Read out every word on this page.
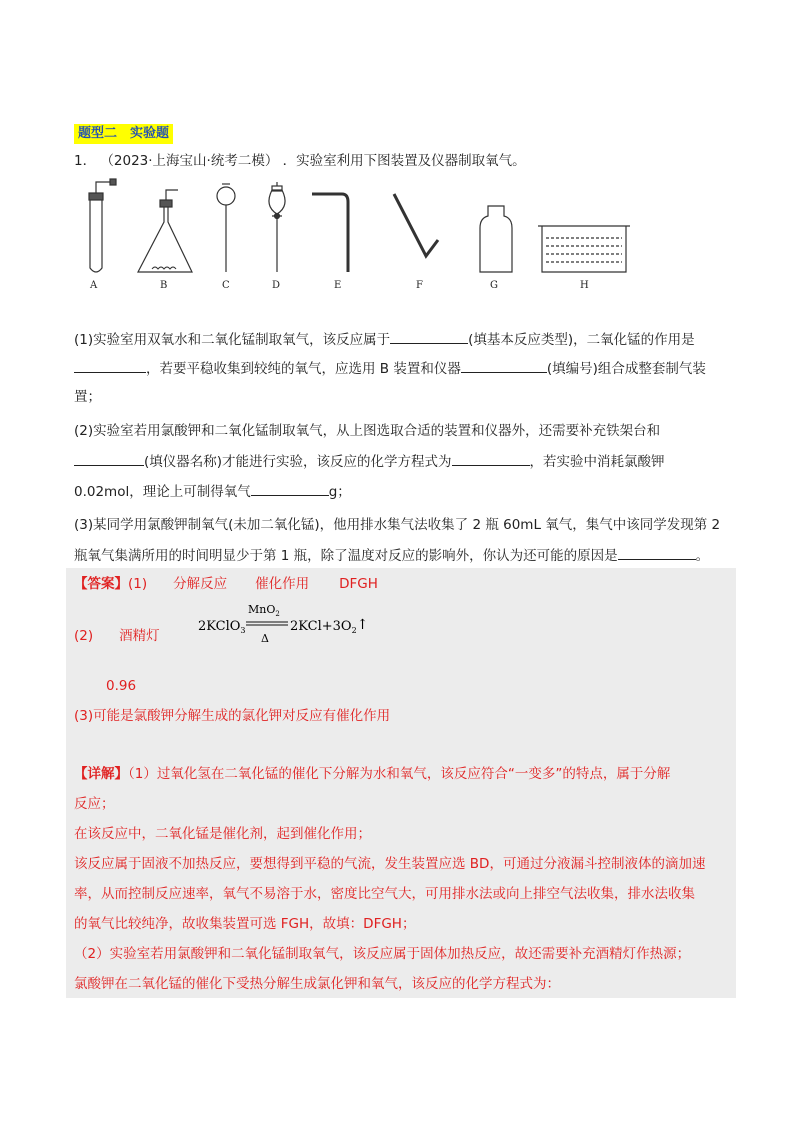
题型二　实验题
1． （2023·上海宝山·统考二模） ．实验室利用下图装置及仪器制取氧气。
A	B	C	D	E	F	G	H
(1)实验室用双氧水和二氧化锰制取氧气，该反应属于	(填基本反应类型)，二氧化锰的作用是
，若要平稳收集到较纯的氧气，应选用 B 装置和仪器	(填编号)组合成整套制气装
置；
(2)实验室若用氯酸钾和二氧化锰制取氧气，从上图选取合适的装置和仪器外，还需要补充铁架台和
(填仪器名称)才能进行实验，该反应的化学方程式为	，若实验中消耗氯酸钾
0.02mol，理论上可制得氧气	g；
(3)某同学用氯酸钾制氧气(未加二氧化锰)，他用排水集气法收集了 2 瓶 60mL 氧气，集气中该同学发现第 2
瓶氧气集满所用的时间明显少于第 1 瓶，除了温度对反应的影响外，你认为还可能的原因是	。
【答案】(1) 分解反应 催化作用 DFGH
(2) 酒精灯
2KClO$_3$
MnO$_2$
Δ
$2KCl+3O_2↑$
0.96
(3)可能是氯酸钾分解生成的氯化钾对反应有催化作用
【详解】（1）过氧化氢在二氧化锰的催化下分解为水和氧气，该反应符合“一变多”的特点，属于分解
反应；
在该反应中，二氧化锰是催化剂，起到催化作用；
该反应属于固液不加热反应，要想得到平稳的气流，发生装置应选 BD，可通过分液漏斗控制液体的滴加速
率，从而控制反应速率，氧气不易溶于水，密度比空气大，可用排水法或向上排空气法收集，排水法收集
的氧气比较纯净，故收集装置可选 FGH，故填：DFGH；
（2）实验室若用氯酸钾和二氧化锰制取氧气，该反应属于固体加热反应，故还需要补充酒精灯作热源；
氯酸钾在二氧化锰的催化下受热分解生成氯化钾和氧气，该反应的化学方程式为：
